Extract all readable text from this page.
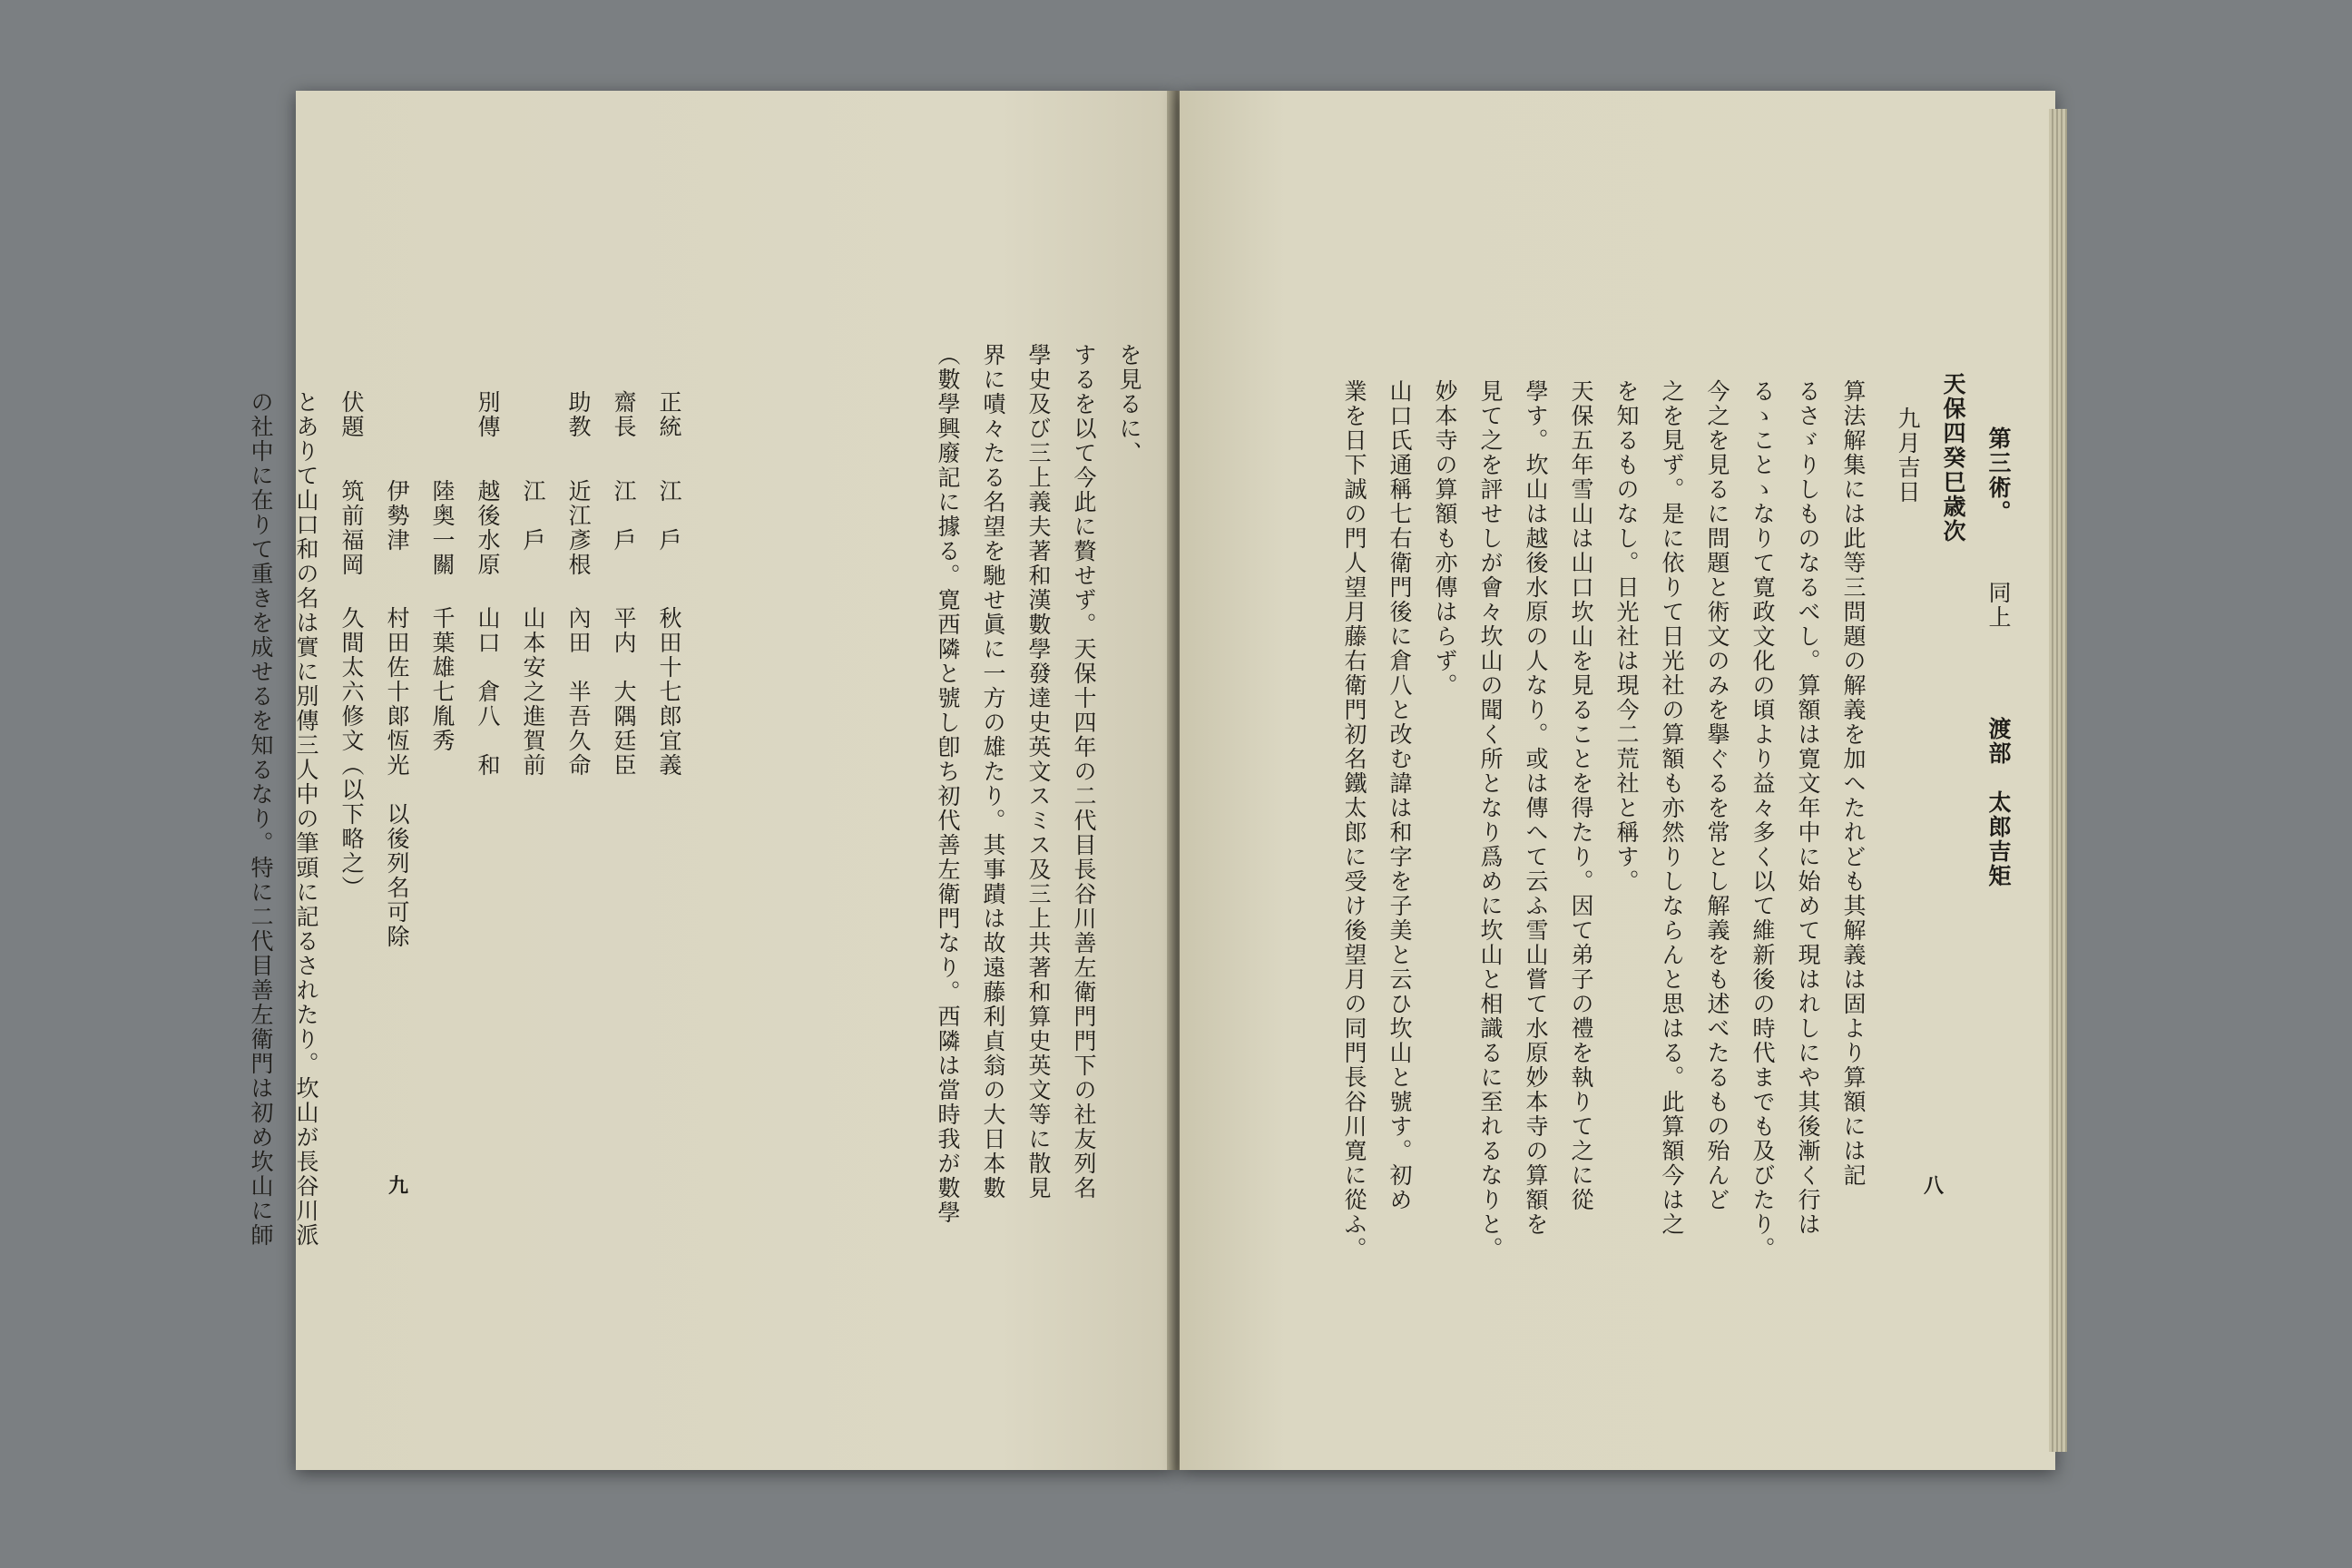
（數學興廢記に據る。寛西隣と號し卽ち初代善左衛門なり。西隣は當時我が數學 界に嘖々たる名望を馳せ眞に一方の雄たり。其事蹟は故遠藤利貞翁の大日本數 學史及び三上義夫著和漢數學發達史英文スミス及三上共著和算史英文等に散見 するを以て今此に贅せず。天保十四年の二代目長谷川善左衛門門下の社友列名 を見るに、
正統
江　戶
秋田十七郎宜義
齋長
江　戶
平内　大隅廷臣
助教
近江彥根
內田　半吾久命
江　戶
山本安之進賀前
別傳
越後水原
山口　倉八　和
陸奥一關
千葉雄七胤秀
伊勢津
村田佐十郞恆光　以後列名可除
伏題
筑前福岡
久間太六修文（以下略之）
とありて山口和の名は實に別傳三人中の筆頭に記るされたり。坎山が長谷川派
の社中に在りて重きを成せるを知るなり。特に二代目善左衛門は初め坎山に師	九
第三術。
同上
渡部　太郎吉矩
天保四癸巳歳次
九月吉日
算法解集には此等三問題の解義を加へたれども其解義は固より算額には記
るさゞりしものなるべし。算額は寛文年中に始めて現はれしにや其後漸く行は
るゝことゝなりて寛政文化の頃より益々多く以て維新後の時代までも及びたり。
今之を見るに問題と術文のみを擧ぐるを常とし解義をも述べたるもの殆んど
之を見ず。是に依りて日光社の算額も亦然りしならんと思はる。此算額今は之
を知るものなし。日光社は現今二荒社と稱す。
天保五年雪山は山口坎山を見ることを得たり。因て弟子の禮を執りて之に從
學す。坎山は越後水原の人なり。或は傳へて云ふ雪山嘗て水原妙本寺の算額を
見て之を評せしが會々坎山の聞く所となり爲めに坎山と相識るに至れるなりと。
妙本寺の算額も亦傳はらず。
山口氏通稱七右衛門後に倉八と改む諱は和字を子美と云ひ坎山と號す。初め
業を日下誠の門人望月藤右衛門初名鐵太郎に受け後望月の同門長谷川寛に從ふ。	八
